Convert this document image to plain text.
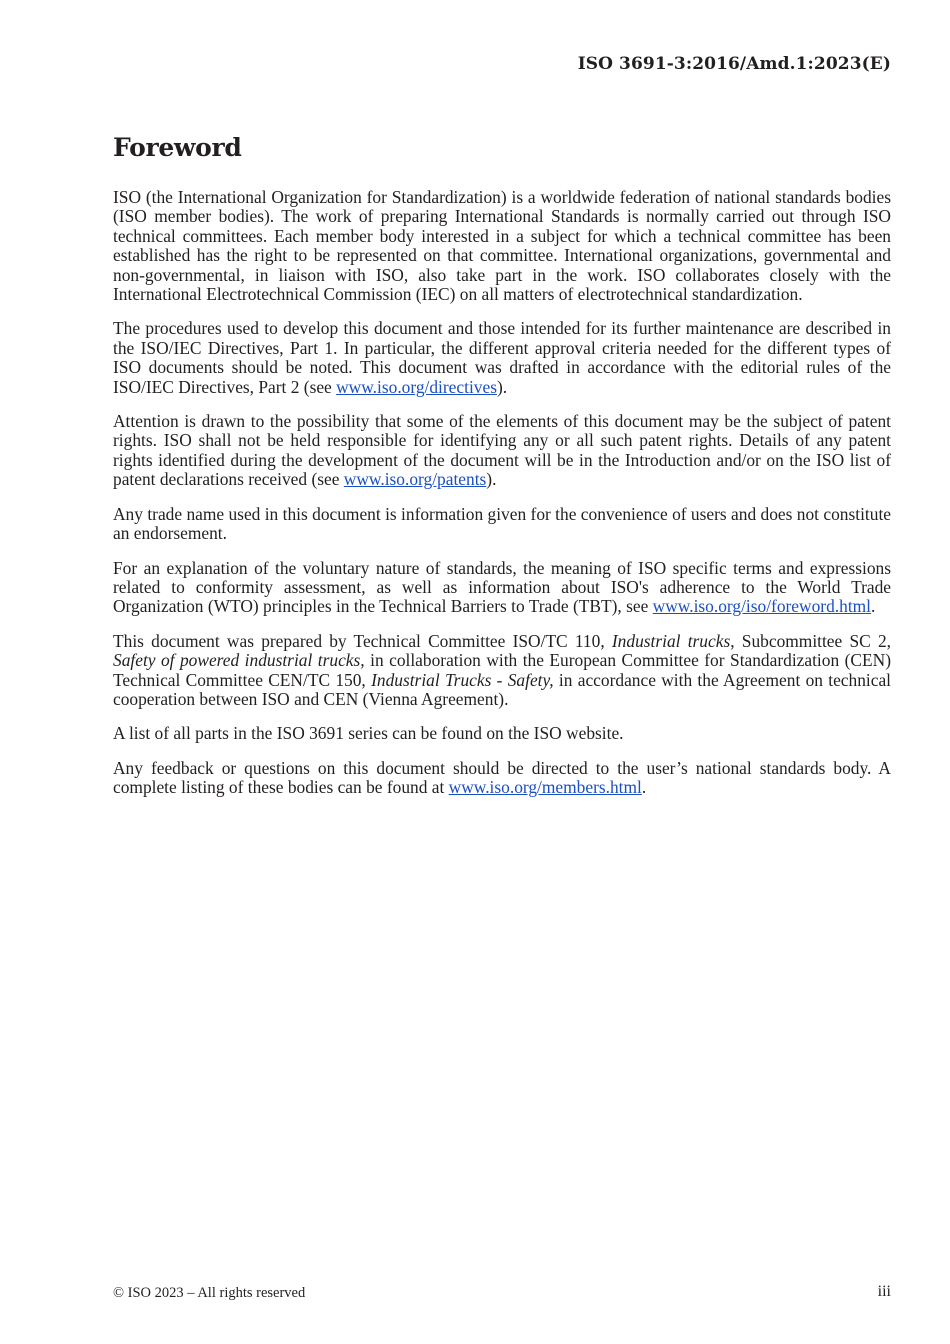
ISO 3691-3:2016/Amd.1:2023(E)
Foreword

ISO (the International Organization for Standardization) is a worldwide federation of national standards bodies (ISO member bodies). The work of preparing International Standards is normally carried out through ISO technical committees. Each member body interested in a subject for which a technical committee has been established has the right to be represented on that committee. International organizations, governmental and non-governmental, in liaison with ISO, also take part in the work. ISO collaborates closely with the International Electrotechnical Commission (IEC) on all matters of electrotechnical standardization.

The procedures used to develop this document and those intended for its further maintenance are described in the ISO/IEC Directives, Part 1. In particular, the different approval criteria needed for the different types of ISO documents should be noted. This document was drafted in accordance with the editorial rules of the ISO/IEC Directives, Part 2 (see www.iso.org/directives).

Attention is drawn to the possibility that some of the elements of this document may be the subject of patent rights. ISO shall not be held responsible for identifying any or all such patent rights. Details of any patent rights identified during the development of the document will be in the Introduction and/or on the ISO list of patent declarations received (see www.iso.org/patents).

Any trade name used in this document is information given for the convenience of users and does not constitute an endorsement.

For an explanation of the voluntary nature of standards, the meaning of ISO specific terms and expressions related to conformity assessment, as well as information about ISO's adherence to the World Trade Organization (WTO) principles in the Technical Barriers to Trade (TBT), see www.iso.org/iso/foreword.html.

This document was prepared by Technical Committee ISO/TC 110, Industrial trucks, Subcommittee SC 2, Safety of powered industrial trucks, in collaboration with the European Committee for Standardization (CEN) Technical Committee CEN/TC 150, Industrial Trucks - Safety, in accordance with the Agreement on technical cooperation between ISO and CEN (Vienna Agreement).

A list of all parts in the ISO 3691 series can be found on the ISO website.

Any feedback or questions on this document should be directed to the user’s national standards body. A complete listing of these bodies can be found at www.iso.org/members.html.

© ISO 2023 – All rights reserved	iii
